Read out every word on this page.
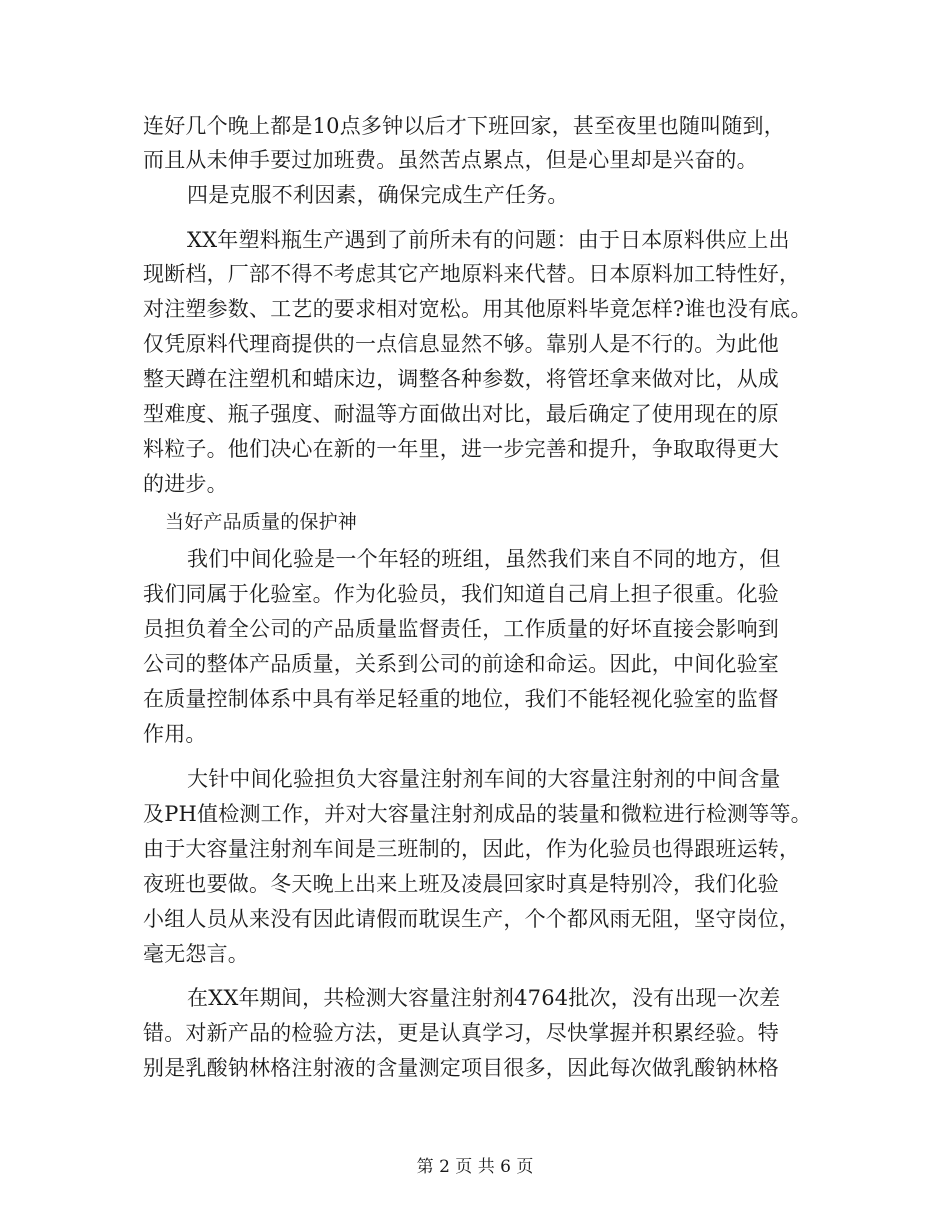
连好几个晚上都是10点多钟以后才下班回家，甚至夜里也随叫随到，
而且从未伸手要过加班费。虽然苦点累点，但是心里却是兴奋的。
四是克服不利因素，确保完成生产任务。
XX年塑料瓶生产遇到了前所未有的问题：由于日本原料供应上出
现断档，厂部不得不考虑其它产地原料来代替。日本原料加工特性好，
对注塑参数、工艺的要求相对宽松。用其他原料毕竟怎样?谁也没有底。
仅凭原料代理商提供的一点信息显然不够。靠别人是不行的。为此他
整天蹲在注塑机和蜡床边，调整各种参数，将管坯拿来做对比，从成
型难度、瓶子强度、耐温等方面做出对比，最后确定了使用现在的原
料粒子。他们决心在新的一年里，进一步完善和提升，争取取得更大
的进步。
当好产品质量的保护神
我们中间化验是一个年轻的班组，虽然我们来自不同的地方，但
我们同属于化验室。作为化验员，我们知道自己肩上担子很重。化验
员担负着全公司的产品质量监督责任，工作质量的好坏直接会影响到
公司的整体产品质量，关系到公司的前途和命运。因此，中间化验室
在质量控制体系中具有举足轻重的地位，我们不能轻视化验室的监督
作用。
大针中间化验担负大容量注射剂车间的大容量注射剂的中间含量
及PH值检测工作，并对大容量注射剂成品的装量和微粒进行检测等等。
由于大容量注射剂车间是三班制的，因此，作为化验员也得跟班运转，
夜班也要做。冬天晚上出来上班及凌晨回家时真是特别冷，我们化验
小组人员从来没有因此请假而耽误生产，个个都风雨无阻，坚守岗位，
毫无怨言。
在XX年期间，共检测大容量注射剂4764批次，没有出现一次差
错。对新产品的检验方法，更是认真学习，尽快掌握并积累经验。特
别是乳酸钠林格注射液的含量测定项目很多，因此每次做乳酸钠林格
第 2 页 共 6 页
